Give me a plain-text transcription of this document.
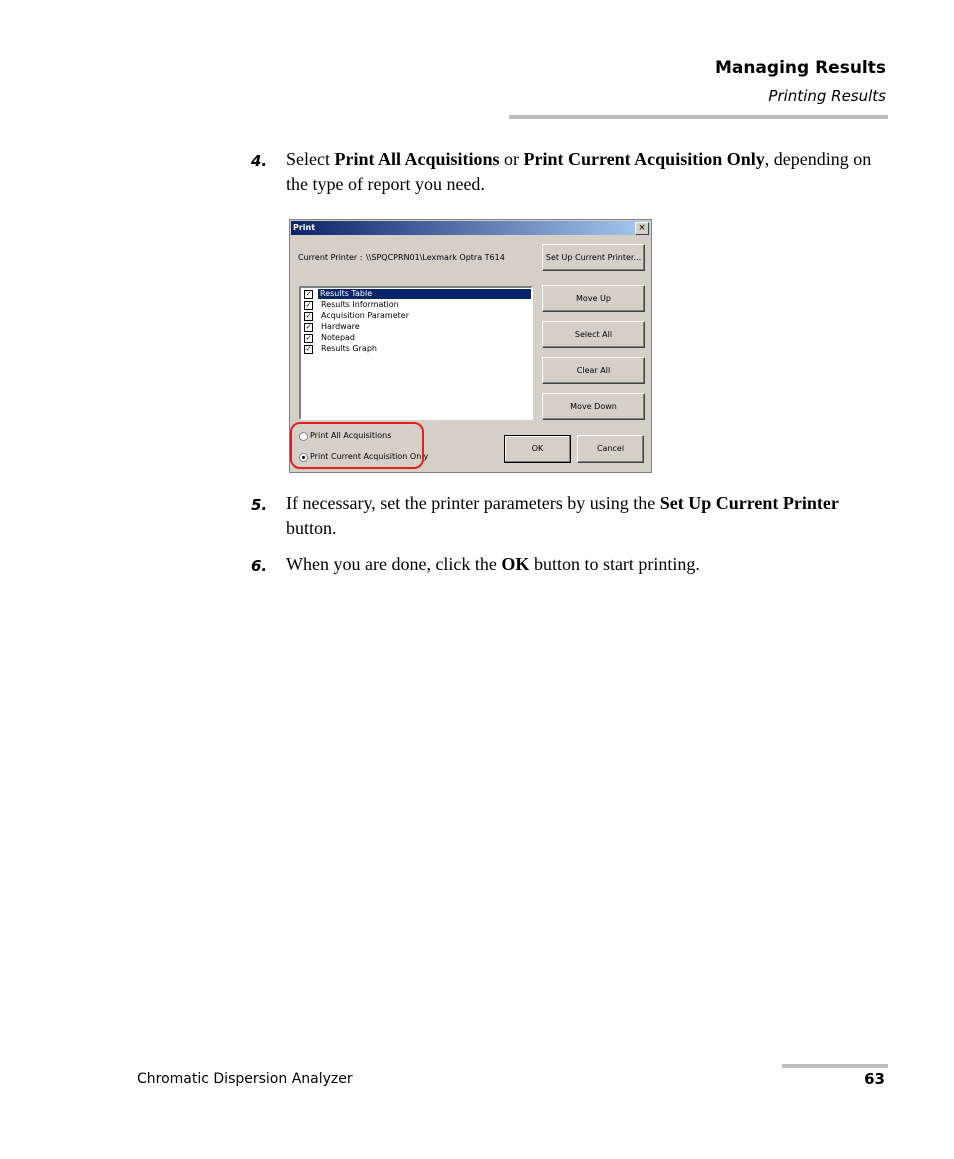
Managing Results
Printing Results
4. Select Print All Acquisitions or Print Current Acquisition Only, depending on the type of report you need.
Print	×
Current Printer : \\SPQCPRN01\Lexmark Optra T614	Set Up Current Printer...
✓ Results Table
✓ Results Information
✓ Acquisition Parameter
✓ Hardware
✓ Notepad
✓ Results Graph
Move Up
Select All
Clear All
Move Down
Print All Acquisitions
Print Current Acquisition Only
OK	Cancel
5. If necessary, set the printer parameters by using the Set Up Current Printer button.
6. When you are done, click the OK button to start printing.
Chromatic Dispersion Analyzer	63
